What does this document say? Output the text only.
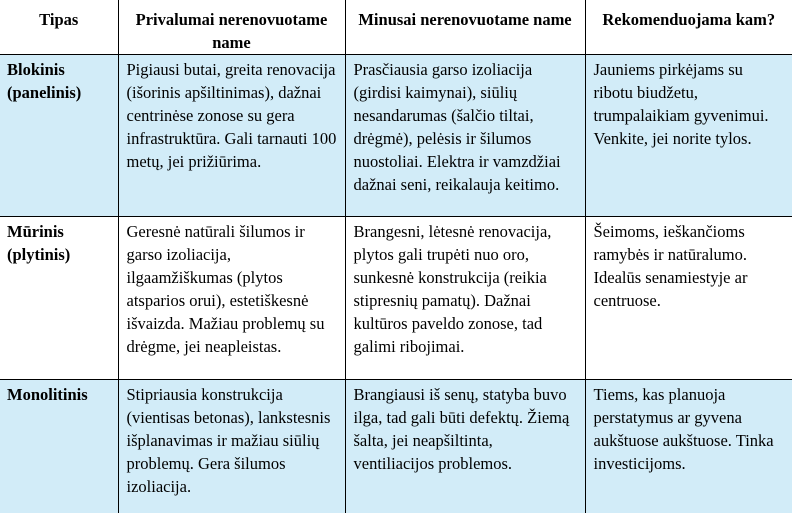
Tipas	Privalumai nerenovuotame name	Minusai nerenovuotame name	Rekomenduojama kam?
Blokinis (panelinis)	Pigiausi butai, greita renovacija (išorinis apšiltinimas), dažnai centrinėse zonose su gera infrastruktūra. Gali tarnauti 100 metų, jei prižiūrima.	Prasčiausia garso izoliacija (girdisi kaimynai), siūlių nesandarumas (šalčio tiltai, drėgmė), pelėsis ir šilumos nuostoliai. Elektra ir vamzdžiai dažnai seni, reikalauja keitimo.	Jauniems pirkėjams su ribotu biudžetu, trumpalaikiam gyvenimui. Venkite, jei norite tylos.
Mūrinis (plytinis)	Geresnė natūrali šilumos ir garso izoliacija, ilgaamžiškumas (plytos atsparios orui), estetiškesnė išvaizda. Mažiau problemų su drėgme, jei neapleistas.	Brangesni, lėtesnė renovacija, plytos gali trupėti nuo oro, sunkesnė konstrukcija (reikia stipresnių pamatų). Dažnai kultūros paveldo zonose, tad galimi ribojimai.	Šeimoms, ieškančioms ramybės ir natūralumo. Idealūs senamiestyje ar centruose.
Monolitinis	Stipriausia konstrukcija (vientisas betonas), lankstesnis išplanavimas ir mažiau siūlių problemų. Gera šilumos izoliacija.	Brangiausi iš senų, statyba buvo ilga, tad gali būti defektų. Žiemą šalta, jei neapšiltinta, ventiliacijos problemos.	Tiems, kas planuoja perstatymus ar gyvena aukštuose aukštuose. Tinka investicijoms.
